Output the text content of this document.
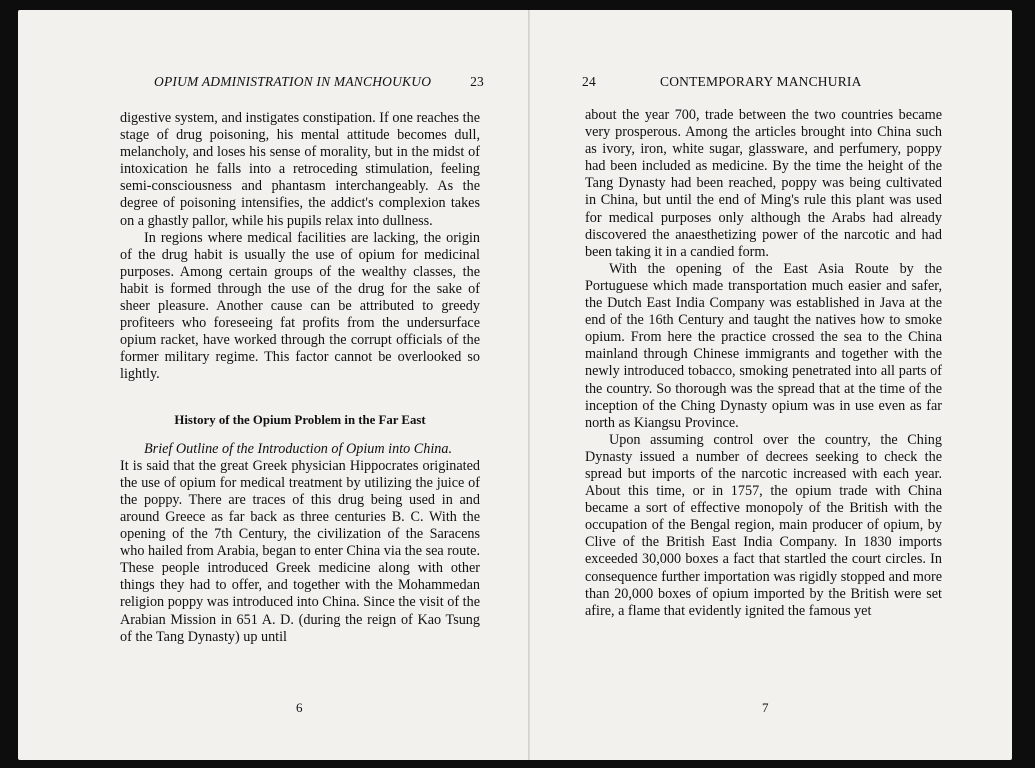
OPIUM ADMINISTRATION IN MANCHOUKUO	23

digestive system, and instigates constipation. If one reaches the stage of drug poisoning, his mental attitude becomes dull, melancholy, and loses his sense of morality, but in the midst of intoxication he falls into a retroceding stimulation, feeling semi-consciousness and phantasm interchangeably. As the degree of poisoning intensifies, the addict's complexion takes on a ghastly pallor, while his pupils relax into dullness.

In regions where medical facilities are lacking, the origin of the drug habit is usually the use of opium for medicinal purposes. Among certain groups of the wealthy classes, the habit is formed through the use of the drug for the sake of sheer pleasure. Another cause can be attributed to greedy profiteers who foreseeing fat profits from the undersurface opium racket, have worked through the corrupt officials of the former military regime. This factor cannot be overlooked so lightly.

History of the Opium Problem in the Far East

Brief Outline of the Introduction of Opium into China.

It is said that the great Greek physician Hippocrates originated the use of opium for medical treatment by utilizing the juice of the poppy. There are traces of this drug being used in and around Greece as far back as three centuries B. C. With the opening of the 7th Century, the civilization of the Saracens who hailed from Arabia, began to enter China via the sea route. These people introduced Greek medicine along with other things they had to offer, and together with the Mohammedan religion poppy was introduced into China. Since the visit of the Arabian Mission in 651 A. D. (during the reign of Kao Tsung of the Tang Dynasty) up until

6
24	CONTEMPORARY MANCHURIA

about the year 700, trade between the two countries became very prosperous. Among the articles brought into China such as ivory, iron, white sugar, glassware, and perfumery, poppy had been included as medicine. By the time the height of the Tang Dynasty had been reached, poppy was being cultivated in China, but until the end of Ming's rule this plant was used for medical purposes only although the Arabs had already discovered the anaesthetizing power of the narcotic and had been taking it in a candied form.

With the opening of the East Asia Route by the Portuguese which made transportation much easier and safer, the Dutch East India Company was established in Java at the end of the 16th Century and taught the natives how to smoke opium. From here the practice crossed the sea to the China mainland through Chinese immigrants and together with the newly introduced tobacco, smoking penetrated into all parts of the country. So thorough was the spread that at the time of the inception of the Ching Dynasty opium was in use even as far north as Kiangsu Province.

Upon assuming control over the country, the Ching Dynasty issued a number of decrees seeking to check the spread but imports of the narcotic increased with each year. About this time, or in 1757, the opium trade with China became a sort of effective monopoly of the British with the occupation of the Bengal region, main producer of opium, by Clive of the British East India Company. In 1830 imports exceeded 30,000 boxes a fact that startled the court circles. In consequence further importation was rigidly stopped and more than 20,000 boxes of opium imported by the British were set afire, a flame that evidently ignited the famous yet

7
